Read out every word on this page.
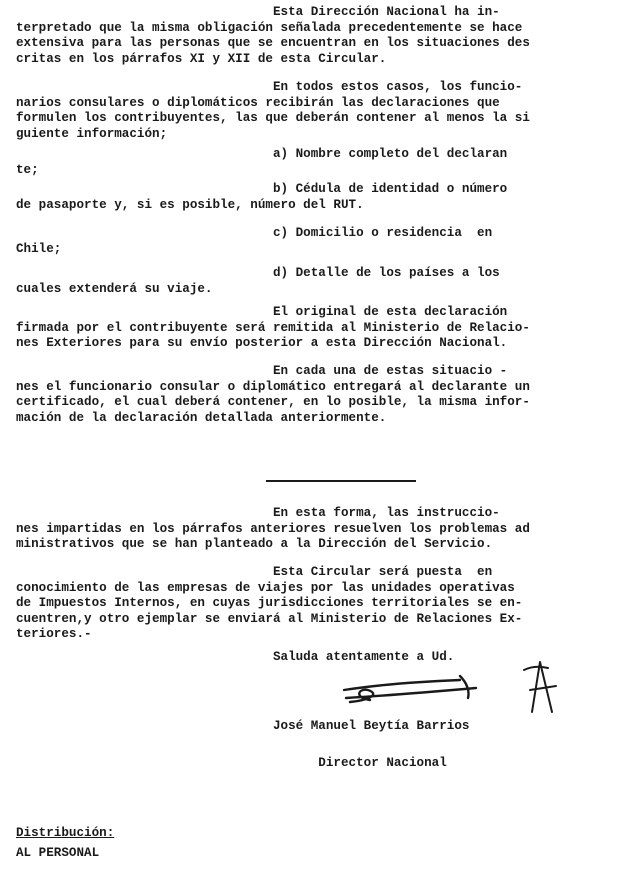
Esta Dirección Nacional ha in-
terpretado que la misma obligación señalada precedentemente se hace
extensiva para las personas que se encuentran en los situaciones des
critas en los párrafos XI y XII de esta Circular.
En todos estos casos, los funcio-
narios consulares o diplomáticos recibirán las declaraciones que
formulen los contribuyentes, las que deberán contener al menos la si
guiente información;
a) Nombre completo del declaran
te;
b) Cédula de identidad o número
de pasaporte y, si es posible, número del RUT.
c) Domicilio o residencia  en
Chile;
d) Detalle de los países a los
cuales extenderá su viaje.
El original de esta declaración
firmada por el contribuyente será remitida al Ministerio de Relacio-
nes Exteriores para su envío posterior a esta Dirección Nacional.
En cada una de estas situacio -
nes el funcionario consular o diplomático entregará al declarante un
certificado, el cual deberá contener, en lo posible, la misma infor-
mación de la declaración detallada anteriormente.
En esta forma, las instruccio-
nes impartidas en los párrafos anteriores resuelven los problemas ad
ministrativos que se han planteado a la Dirección del Servicio.
Esta Circular será puesta  en
conocimiento de las empresas de viajes por las unidades operativas
de Impuestos Internos, en cuyas jurisdicciones territoriales se en-
cuentren,y otro ejemplar se enviará al Ministerio de Relaciones Ex-
teriores.-
Saluda atentamente a Ud.
José Manuel Beytía Barrios
Distribución:
AL PERSONAL
Director Nacional
